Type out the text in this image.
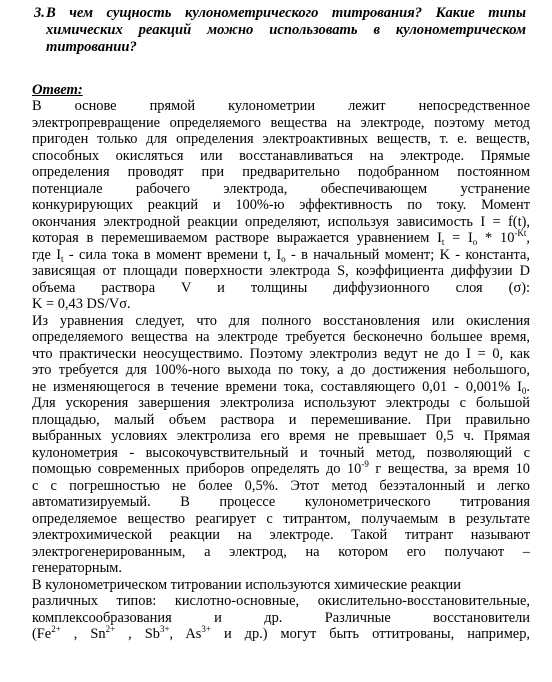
3. В чем сущность кулонометрического титрования? Какие типы химических реакций можно использовать в кулонометрическом титровании?
Ответ:
В основе прямой кулонометрии лежит непосредственное
электропревращение определяемого вещества на электроде, поэтому метод
пригоден только для определения электроактивных веществ, т. е. веществ,
способных окисляться или восстанавливаться на электроде. Прямые
определения проводят при предварительно подобранном постоянном
потенциале рабочего электрода, обеспечивающем устранение
конкурирующих реакций и 100%-ю эффективность по току. Момент
окончания электродной реакции определяют, используя зависимость I = f(t),
которая в перемешиваемом растворе выражается уравнением $I_t = I_o * 10^{-Kt}$,
где $I_t$ - сила тока в момент времени t, $I_o$ - в начальный момент; K - константа,
зависящая от площади поверхности электрода S, коэффициента диффузии D
объема раствора V и толщины диффузионного слоя (σ):
K = 0,43 DS/Vσ.
Из уравнения следует, что для полного восстановления или окисления
определяемого вещества на электроде требуется бесконечно большее время,
что практически неосуществимо. Поэтому электролиз ведут не до I = 0, как
это требуется для 100%-ного выхода по току, а до достижения небольшого,
не изменяющегося в течение времени тока, составляющего 0,01 - 0,001% $I_0$.
Для ускорения завершения электролиза используют электроды с большой
площадью, малый объем раствора и перемешивание. При правильно
выбранных условиях электролиза его время не превышает 0,5 ч. Прямая
кулонометрия - высокочувствительный и точный метод, позволяющий с
помощью современных приборов определять до $10^{-9}$ г вещества, за время 10
с с погрешностью не более 0,5%. Этот метод безэталонный и легко
автоматизируемый. В процессе кулонометрического титрования
определяемое вещество реагирует с титрантом, получаемым в результате
электрохимической реакции на электроде. Такой титрант называют
электрогенерированным, а электрод, на котором его получают –
генераторным.
В кулонометрическом титровании используются химические реакции
различных типов: кислотно-основные, окислительно-восстановительные,
комплексообразования и др. Различные восстановители
($Fe^{2+}$ , $Sn^{2+}$ , $Sb^{3+}$, $As^{3+}$ и др.) могут быть оттитрованы, например,
